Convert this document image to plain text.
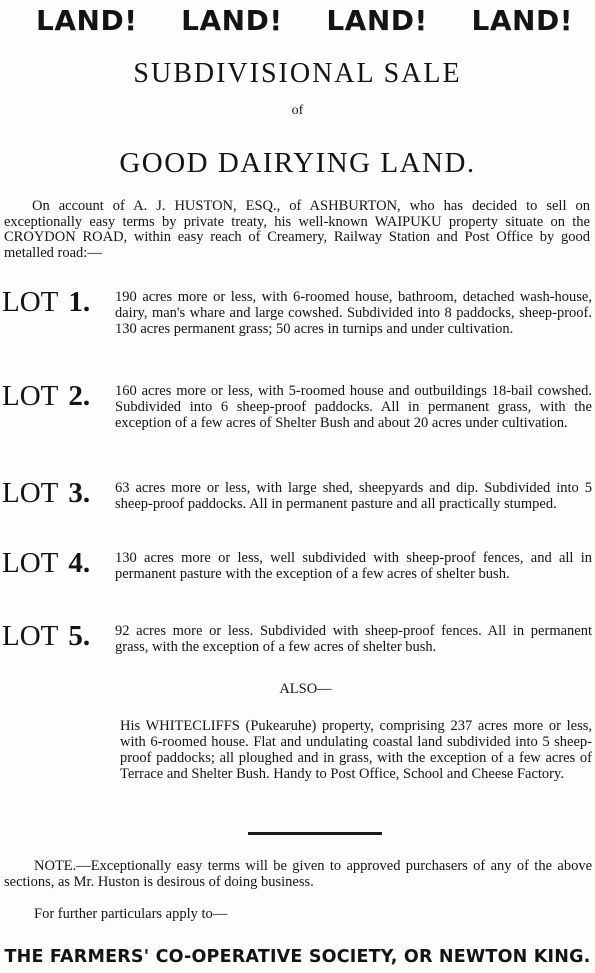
LAND! LAND! LAND! LAND!
SUBDIVISIONAL SALE
of
GOOD DAIRYING LAND.
On account of A. J. HUSTON, ESQ., of ASHBURTON, who has decided to sell on exceptionally easy terms by private treaty, his well-known WAIPUKU property situate on the CROYDON ROAD, within easy reach of Creamery, Railway Station and Post Office by good metalled road:—
LOT 1. 190 acres more or less, with 6-roomed house, bathroom, detached wash-house, dairy, man's whare and large cowshed. Subdivided into 8 paddocks, sheep-proof. 130 acres permanent grass; 50 acres in turnips and under cultivation.
LOT 2. 160 acres more or less, with 5-roomed house and outbuildings 18-bail cowshed. Subdivided into 6 sheep-proof paddocks. All in permanent grass, with the exception of a few acres of Shelter Bush and about 20 acres under cultivation.
LOT 3. 63 acres more or less, with large shed, sheepyards and dip. Subdivided into 5 sheep-proof paddocks. All in permanent pasture and all practically stumped.
LOT 4. 130 acres more or less, well subdivided with sheep-proof fences, and all in permanent pasture with the exception of a few acres of shelter bush.
LOT 5. 92 acres more or less. Subdivided with sheep-proof fences. All in permanent grass, with the exception of a few acres of shelter bush.
ALSO—
His WHITECLIFFS (Pukearuhe) property, comprising 237 acres more or less, with 6-roomed house. Flat and undulating coastal land subdivided into 5 sheep-proof paddocks; all ploughed and in grass, with the exception of a few acres of Terrace and Shelter Bush. Handy to Post Office, School and Cheese Factory.
NOTE.—Exceptionally easy terms will be given to approved purchasers of any of the above sections, as Mr. Huston is desirous of doing business.
For further particulars apply to—
THE FARMERS' CO-OPERATIVE SOCIETY, OR NEWTON KING.
